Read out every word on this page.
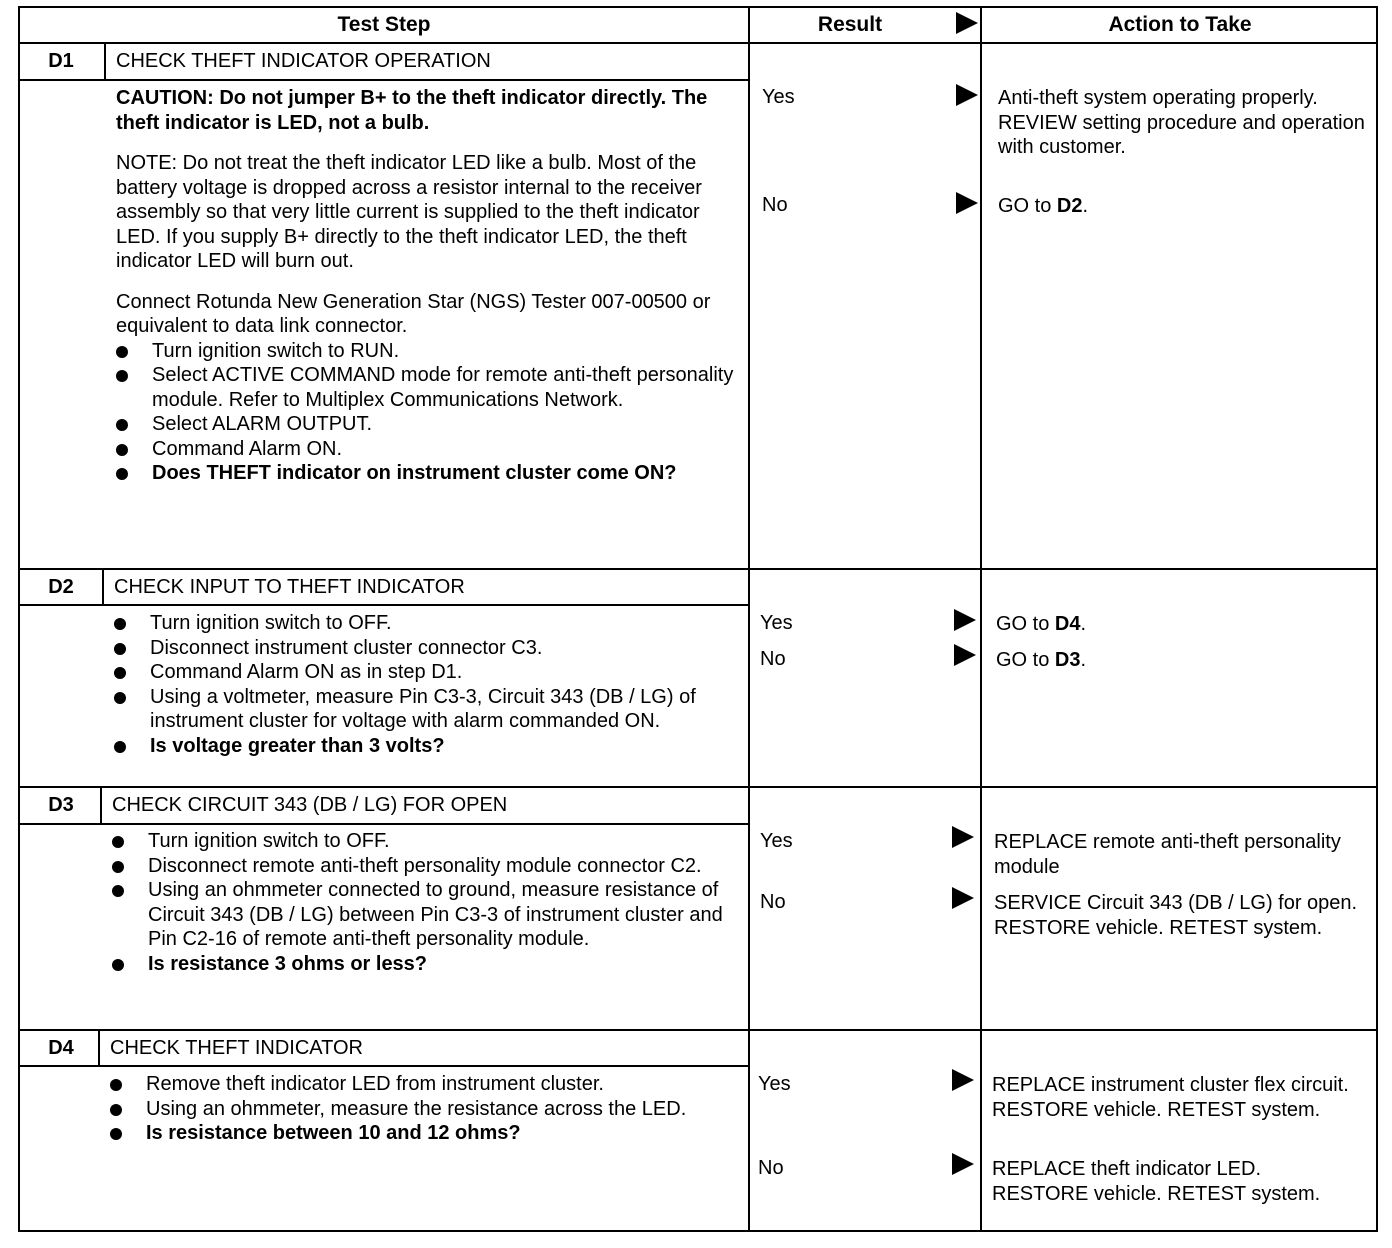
Test Step	Result	Action to Take
D1	CHECK THEFT INDICATOR OPERATION

CAUTION: Do not jumper B+ to the theft indicator directly. The theft indicator is LED, not a bulb.

NOTE: Do not treat the theft indicator LED like a bulb. Most of the battery voltage is dropped across a resistor internal to the receiver assembly so that very little current is supplied to the theft indicator LED. If you supply B+ directly to the theft indicator LED, the theft indicator LED will burn out.

Connect Rotunda New Generation Star (NGS) Tester 007-00500 or equivalent to data link connector.

Turn ignition switch to RUN.
Select ACTIVE COMMAND mode for remote anti-theft personality module. Refer to Multiplex Communications Network.
Select ALARM OUTPUT.
Command Alarm ON.
Does THEFT indicator on instrument cluster come ON?
Yes	Anti-theft system operating properly. REVIEW setting procedure and operation with customer.
No	GO to D2.
D2	CHECK INPUT TO THEFT INDICATOR
Turn ignition switch to OFF.
Disconnect instrument cluster connector C3.
Command Alarm ON as in step D1.
Using a voltmeter, measure Pin C3-3, Circuit 343 (DB / LG) of instrument cluster for voltage with alarm commanded ON.
Is voltage greater than 3 volts?
Yes	GO to D4.
No	GO to D3.
D3	CHECK CIRCUIT 343 (DB / LG) FOR OPEN
Turn ignition switch to OFF.
Disconnect remote anti-theft personality module connector C2.
Using an ohmmeter connected to ground, measure resistance of Circuit 343 (DB / LG) between Pin C3-3 of instrument cluster and Pin C2-16 of remote anti-theft personality module.
Is resistance 3 ohms or less?
Yes	REPLACE remote anti-theft personality module
No	SERVICE Circuit 343 (DB / LG) for open. RESTORE vehicle. RETEST system.
D4	CHECK THEFT INDICATOR
Remove theft indicator LED from instrument cluster.
Using an ohmmeter, measure the resistance across the LED.
Is resistance between 10 and 12 ohms?
Yes	REPLACE instrument cluster flex circuit. RESTORE vehicle. RETEST system.
No	REPLACE theft indicator LED. RESTORE vehicle. RETEST system.
